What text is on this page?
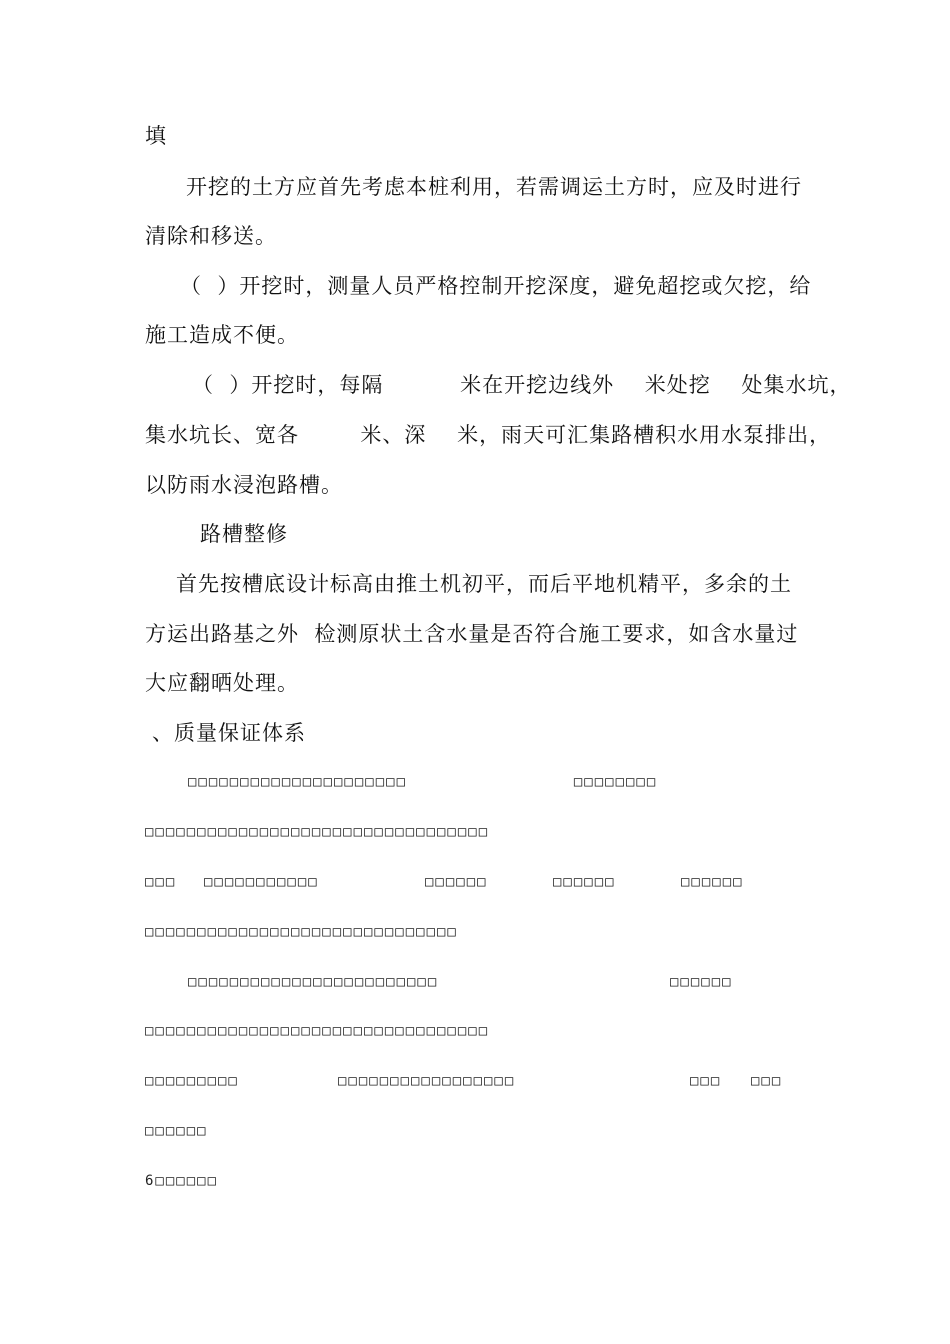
填
开挖的土方应首先考虑本桩利用，若需调运土方时，应及时进行
清除和移送。
（  ）开挖时，测量人员严格控制开挖深度，避免超挖或欠挖，给
施工造成不便。
（  ）开挖时，每隔          米在开挖边线外    米处挖    处集水坑，
集水坑长、宽各        米、深    米，雨天可汇集路槽积水用水泵排出，
以防雨水浸泡路槽。
路槽整修
首先按槽底设计标高由推土机初平，而后平地机精平，多余的土
方运出路基之外  检测原状土含水量是否符合施工要求，如含水量过
大应翻晒处理。
、质量保证体系
□□□□□□□□□□□□□□□□□□□□□                □□□□□□□□
□□□□□□□□□□□□□□□□□□□□□□□□□□□□□□□□□
□□□ □□□□□□□□□□□	□□□□□□	□□□□□□	□□□□□□
□□□□□□□□□□□□□□□□□□□□□□□□□□□□□□
□□□□□□□□□□□□□□□□□□□□□□□□	□□□□□□
□□□□□□□□□□□□□□□□□□□□□□□□□□□□□□□□□
□□□□□□□□□	□□□□□□□□□□□□□□□□□	□□□ □□□
□□□□□□
6□□□□□□
